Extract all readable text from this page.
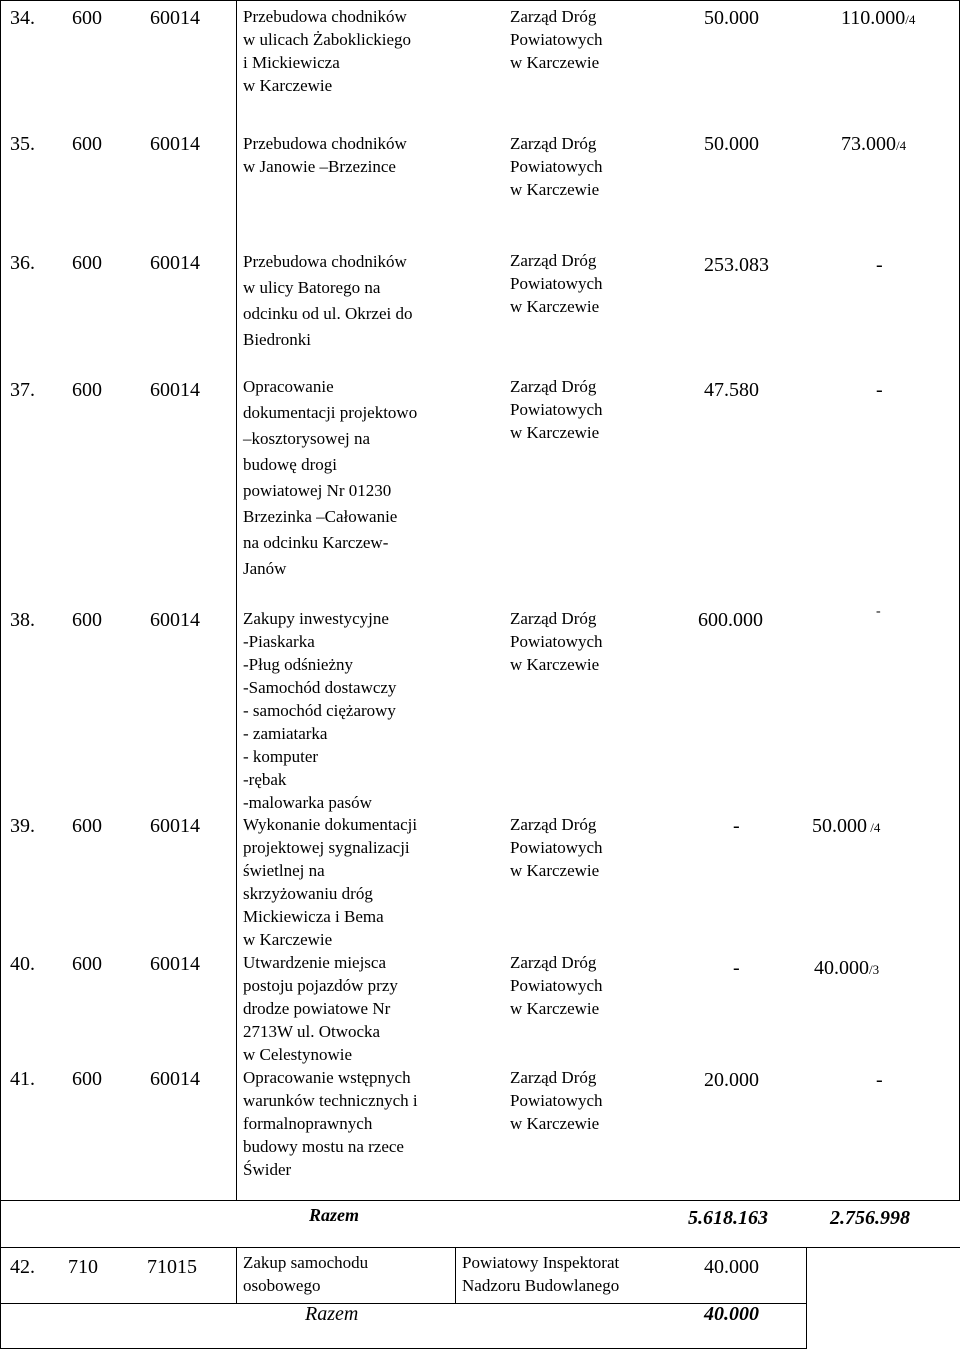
34. 600 60014	Przebudowa chodników
w ulicach Żaboklickiego
i Mickiewicza
w Karczewie
Zarząd Dróg
Powiatowych
w Karczewie
50.000	110.000/4
35. 600 60014	Przebudowa chodników
w Janowie –Brzezince
Zarząd Dróg
Powiatowych
w Karczewie
50.000	73.000/4
36. 600 60014	Przebudowa chodników
w ulicy Batorego na
odcinku od ul. Okrzei do
Biedronki
Zarząd Dróg
Powiatowych
w Karczewie
253.083	-
37. 600 60014	Opracowanie
dokumentacji projektowo
–kosztorysowej na
budowę drogi
powiatowej Nr 01230
Brzezinka –Całowanie
na odcinku Karczew-
Janów
Zarząd Dróg
Powiatowych
w Karczewie
47.580	-
38. 600 60014	Zakupy inwestycyjne
-Piaskarka
-Pług odśnieżny
-Samochód dostawczy
- samochód ciężarowy
- zamiatarka
- komputer
-rębak
-malowarka pasów
Zarząd Dróg
Powiatowych
w Karczewie
600.000	-
39. 600 60014	Wykonanie dokumentacji
projektowej sygnalizacji
świetlnej na
skrzyżowaniu dróg
Mickiewicza i Bema
w Karczewie
Zarząd Dróg
Powiatowych
w Karczewie
-	50.000 /4
40. 600 60014	Utwardzenie miejsca
postoju pojazdów przy
drodze powiatowe Nr
2713W ul. Otwocka
w Celestynowie
Zarząd Dróg
Powiatowych
w Karczewie
-	40.000/3
41. 600 60014	Opracowanie wstępnych
warunków technicznych i
formalnoprawnych
budowy mostu na rzece
Świder
Zarząd Dróg
Powiatowych
w Karczewie
20.000	-
Razem	5.618.163	2.756.998
42. 710 71015	Zakup samochodu
osobowego
Powiatowy Inspektorat
Nadzoru Budowlanego
40.000
Razem	40.000
